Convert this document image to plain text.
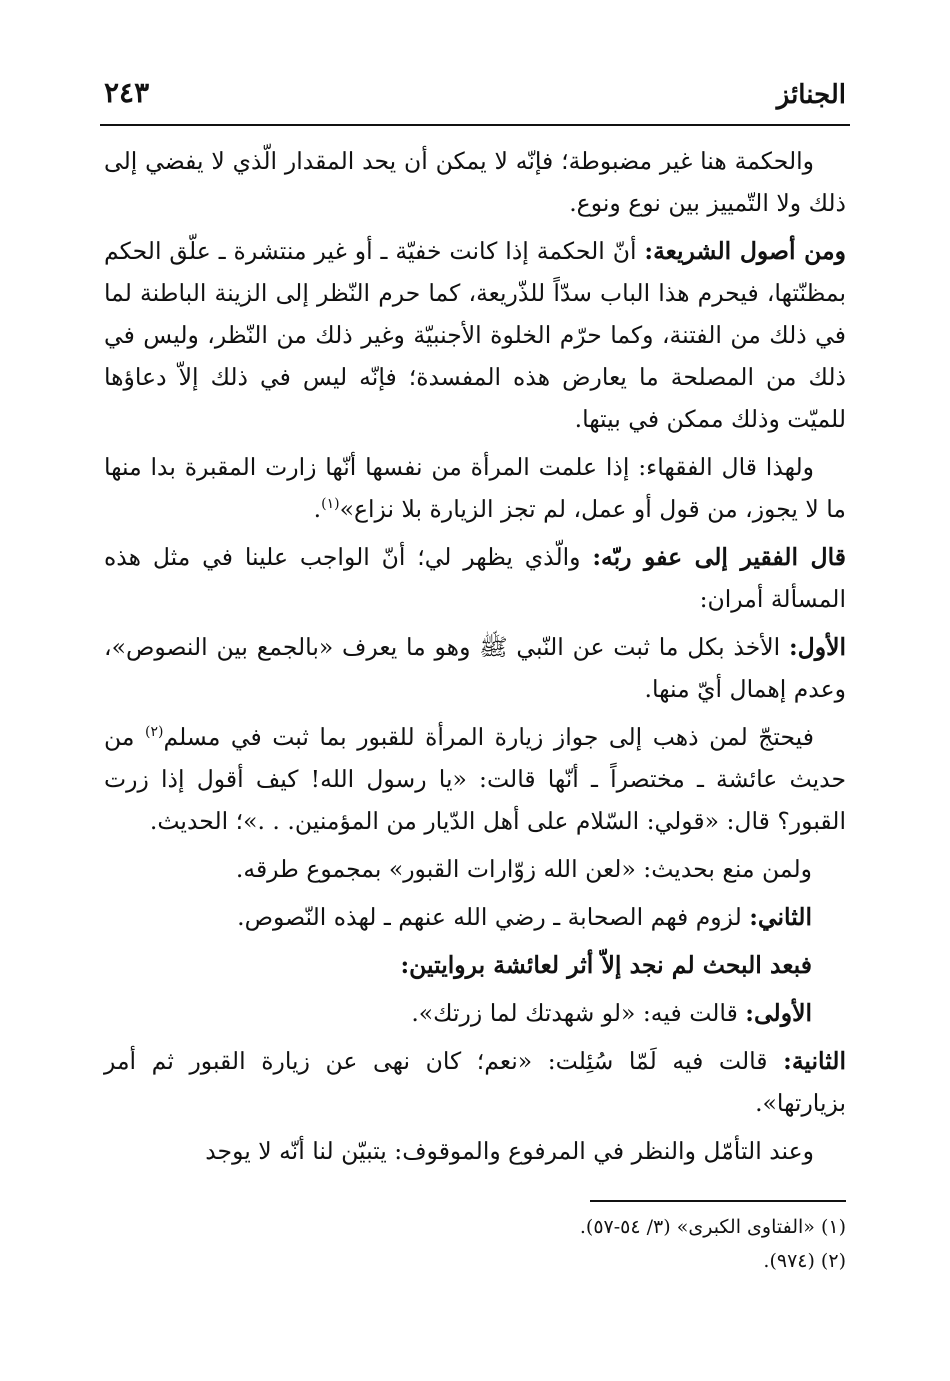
الجنائز
٢٤٣

والحكمة هنا غير مضبوطة؛ فإنّه لا يمكن أن يحد المقدار الّذي لا يفضي إلى ذلك ولا التّمييز بين نوع ونوع.

ومن أصول الشريعة: أنّ الحكمة إذا كانت خفيّة ـ أو غير منتشرة ـ علّق الحكم بمظنّتها، فيحرم هذا الباب سدّاً للذّريعة، كما حرم النّظر إلى الزينة الباطنة لما في ذلك من الفتنة، وكما حرّم الخلوة الأجنبيّة وغير ذلك من النّظر، وليس في ذلك من المصلحة ما يعارض هذه المفسدة؛ فإنّه ليس في ذلك إلاّ دعاؤها للميّت وذلك ممكن في بيتها.

ولهذا قال الفقهاء: إذا علمت المرأة من نفسها أنّها زارت المقبرة بدا منها ما لا يجوز، من قول أو عمل، لم تجز الزيارة بلا نزاع»$^{(١)}$.

قال الفقير إلى عفو ربّه: والّذي يظهر لي؛ أنّ الواجب علينا في مثل هذه المسألة أمران:

الأول: الأخذ بكل ما ثبت عن النّبي ﷺ وهو ما يعرف «بالجمع بين النصوص»، وعدم إهمال أيّ منها.

فيحتجّ لمن ذهب إلى جواز زيارة المرأة للقبور بما ثبت في مسلم$^{(٢)}$ من حديث عائشة ـ مختصراً ـ أنّها قالت: «يا رسول الله! كيف أقول إذا زرت القبور؟ قال: «قولي: السّلام على أهل الدّيار من المؤمنين. . .»؛ الحديث.

ولمن منع بحديث: «لعن الله زوّارات القبور» بمجموع طرقه.

الثاني: لزوم فهم الصحابة ـ رضي الله عنهم ـ لهذه النّصوص.

فبعد البحث لم نجد إلاّ أثر لعائشة بروايتين:

الأولى: قالت فيه: «لو شهدتك لما زرتك».

الثانية: قالت فيه لَمّا سُئِلت: «نعم؛ كان نهى عن زيارة القبور ثم أمر بزيارتها».

وعند التأمّل والنظر في المرفوع والموقوف: يتبيّن لنا أنّه لا يوجد

(١) «الفتاوى الكبرى» (٣/ ٥٤-٥٧).
(٢) (٩٧٤).
